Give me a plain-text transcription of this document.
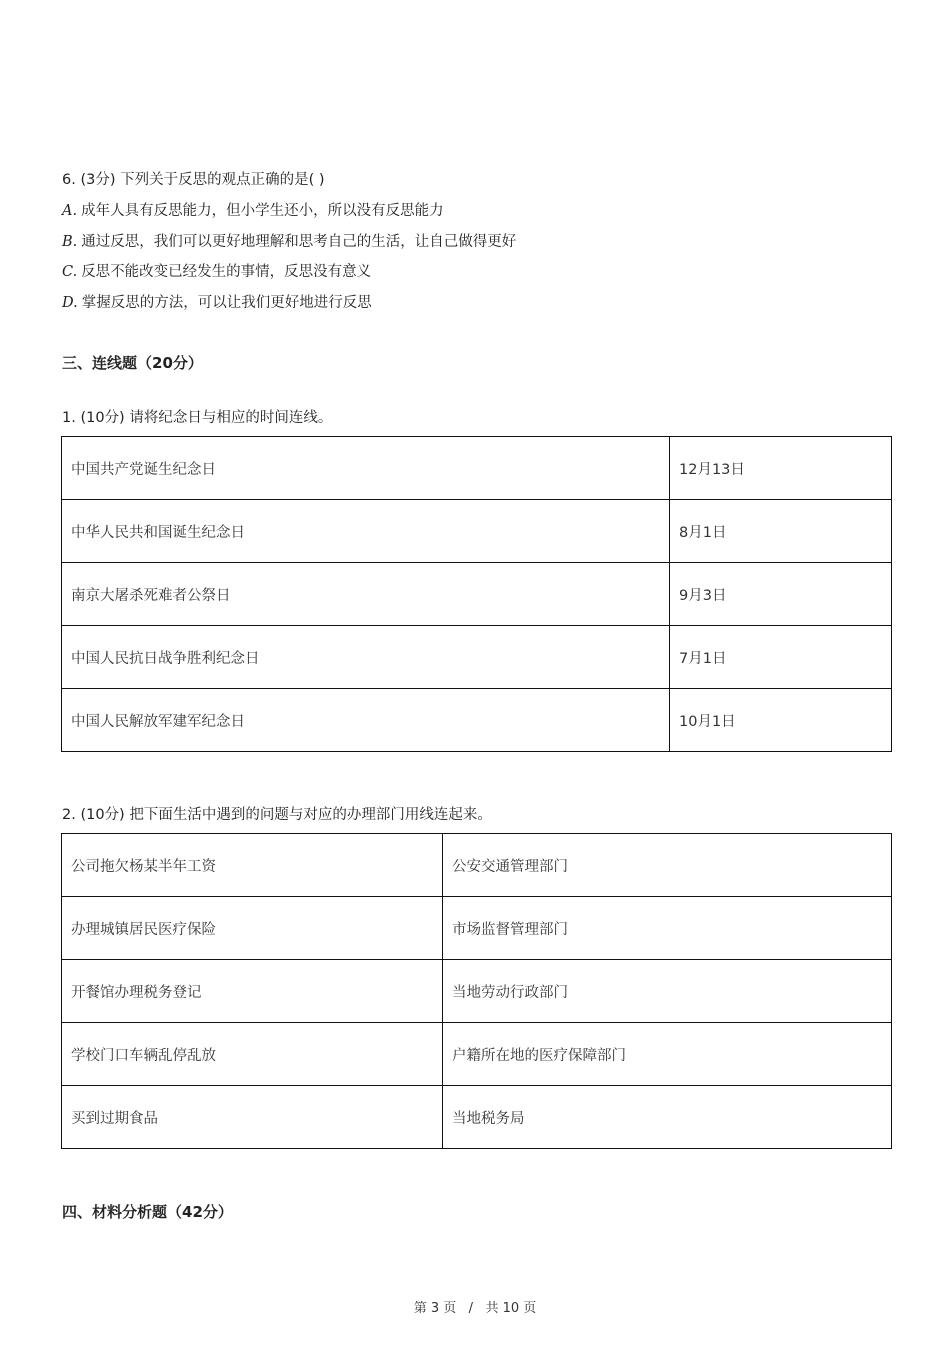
6. (3分) 下列关于反思的观点正确的是( )
A. 成年人具有反思能力，但小学生还小，所以没有反思能力
B. 通过反思，我们可以更好地理解和思考自己的生活，让自己做得更好
C. 反思不能改变已经发生的事情，反思没有意义
D. 掌握反思的方法，可以让我们更好地进行反思
三、连线题（20分）
1. (10分) 请将纪念日与相应的时间连线。
中国共产党诞生纪念日	12月13日
中华人民共和国诞生纪念日	8月1日
南京大屠杀死难者公祭日	9月3日
中国人民抗日战争胜利纪念日	7月1日
中国人民解放军建军纪念日	10月1日
2. (10分) 把下面生活中遇到的问题与对应的办理部门用线连起来。
公司拖欠杨某半年工资	公安交通管理部门
办理城镇居民医疗保险	市场监督管理部门
开餐馆办理税务登记	当地劳动行政部门
学校门口车辆乱停乱放	户籍所在地的医疗保障部门
买到过期食品	当地税务局
四、材料分析题（42分）
第 3 页   /   共 10 页
